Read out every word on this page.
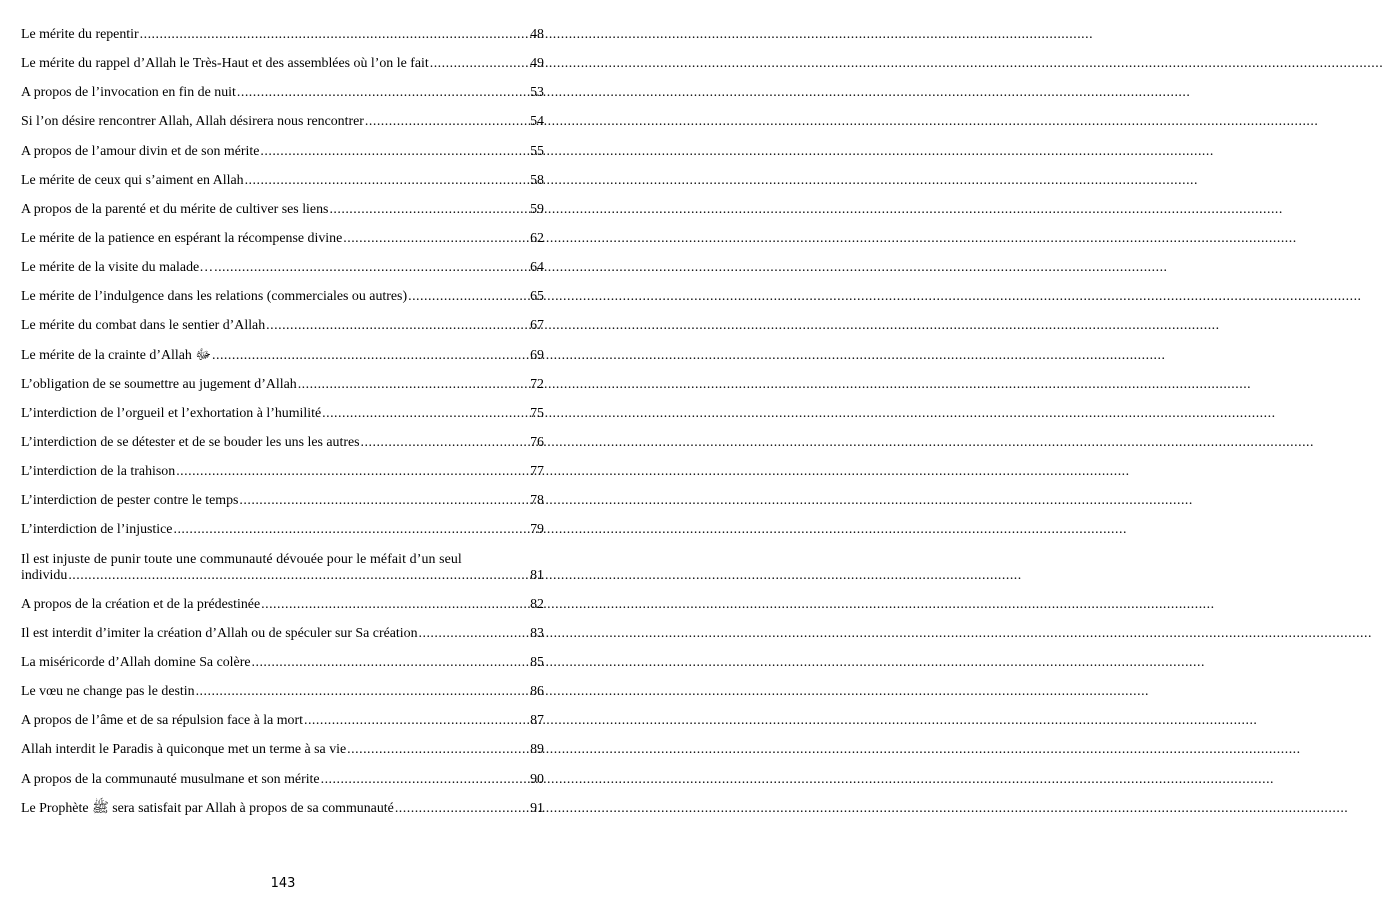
Le mérite du repentir .....	48
Le mérite du rappel d’Allah le Très-Haut et des assemblées où l’on le fait .....	49
A propos de l’invocation en fin de nuit .....	53
Si l’on désire rencontrer Allah, Allah désirera nous rencontrer .....	54
A propos de l’amour divin et de son mérite .....	55
Le mérite de ceux qui s’aiment en Allah .....	58
A propos de la parenté et du mérite de cultiver ses liens .....	59
Le mérite de la patience en espérant la récompense divine .....	62
Le mérite de la visite du malade… .....	64
Le mérite de l’indulgence dans les relations (commerciales ou autres) .....	65
Le mérite du combat dans le sentier d’Allah .....	67
Le mérite de la crainte d’Allah ﷻ .....	69
L’obligation de se soumettre au jugement d’Allah .....	72
L’interdiction de l’orgueil et l’exhortation à l’humilité .....	75
L’interdiction de se détester et de se bouder les uns les autres .....	76
L’interdiction de la trahison .....	77
L’interdiction de pester contre le temps .....	78
L’interdiction de l’injustice .....	79
Il est injuste de punir toute une communauté dévouée pour le méfait d’un seul
individu .....	81
A propos de la création et de la prédestinée .....	82
Il est interdit d’imiter la création d’Allah ou de spéculer sur Sa création .....	83
La miséricorde d’Allah domine Sa colère .....	85
Le vœu ne change pas le destin .....	86
A propos de l’âme et de sa répulsion face à la mort .....	87
Allah interdit le Paradis à quiconque met un terme à sa vie .....	89
A propos de la communauté musulmane et son mérite .....	90
Le Prophète ﷺ sera satisfait par Allah à propos de sa communauté .....	91
143
